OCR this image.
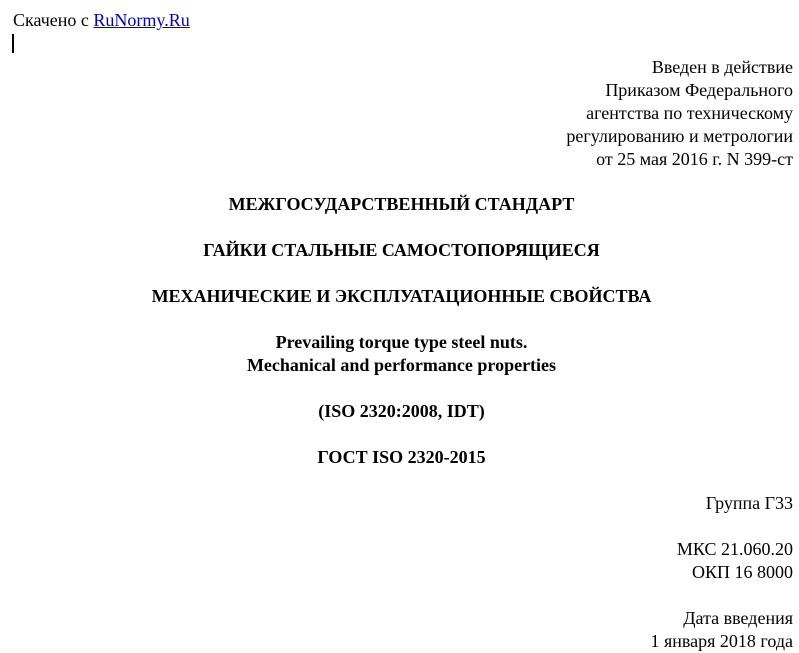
Скачено с RuNormy.Ru
Введен в действие
Приказом Федерального
агентства по техническому
регулированию и метрологии
от 25 мая 2016 г. N 399-ст
МЕЖГОСУДАРСТВЕННЫЙ СТАНДАРТ
ГАЙКИ СТАЛЬНЫЕ САМОСТОПОРЯЩИЕСЯ
МЕХАНИЧЕСКИЕ И ЭКСПЛУАТАЦИОННЫЕ СВОЙСТВА
Prevailing torque type steel nuts.
Mechanical and performance properties
(ISO 2320:2008, IDT)
ГОСТ ISO 2320-2015
Группа Г33
МКС 21.060.20
ОКП 16 8000
Дата введения
1 января 2018 года
